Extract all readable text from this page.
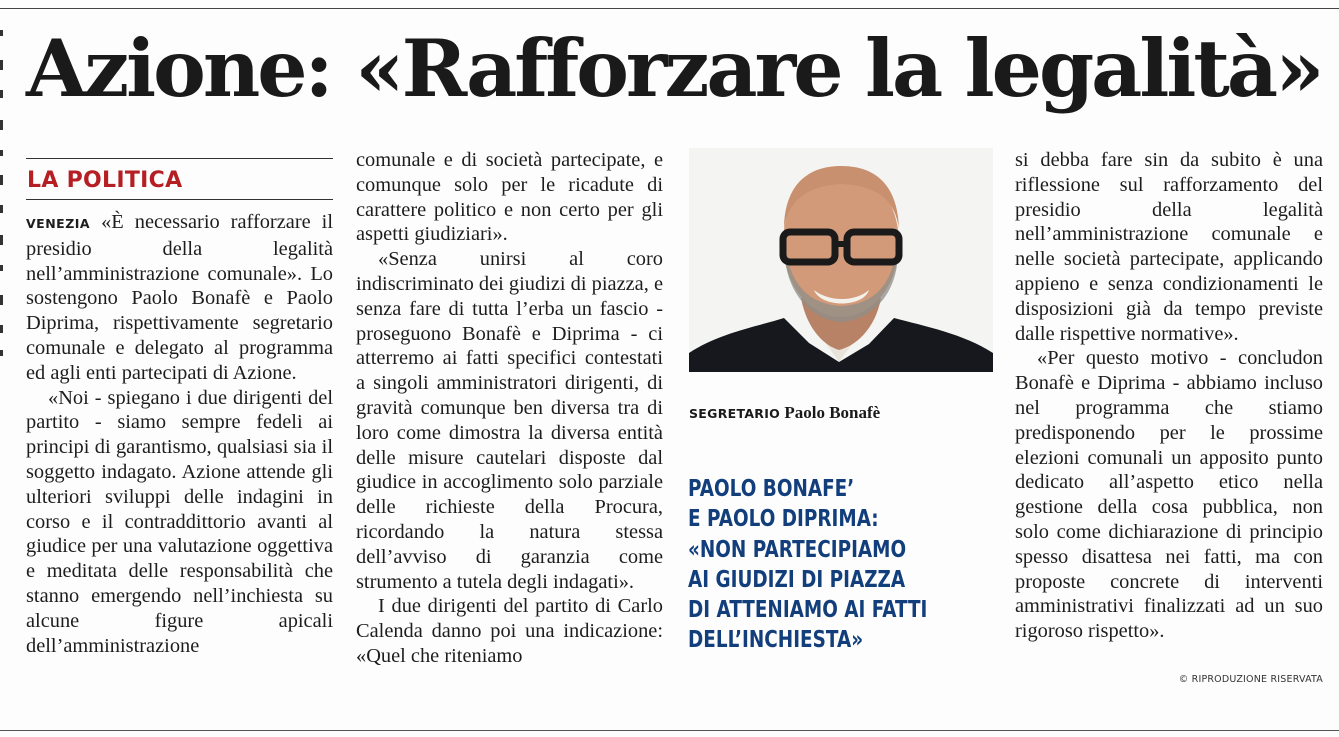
Azione: «Rafforzare la legalità»
LA POLITICA

VENEZIA «È necessario rafforzare il presidio della legalità nell’amministrazione comunale». Lo sostengono Paolo Bonafè e Paolo Diprima, rispettivamente segretario comunale e delegato al programma ed agli enti partecipati di Azione.

«Noi - spiegano i due dirigenti del partito - siamo sempre fedeli ai principi di garantismo, qualsiasi sia il soggetto indagato. Azione attende gli ulteriori sviluppi delle indagini in corso e il contraddittorio avanti al giudice per una valutazione oggettiva e meditata delle responsabilità che stanno emergendo nell’inchiesta su alcune figure apicali dell’amministrazione

comunale e di società partecipate, e comunque solo per le ricadute di carattere politico e non certo per gli aspetti giudiziari».

«Senza unirsi al coro indiscriminato dei giudizi di piazza, e senza fare di tutta l’erba un fascio - proseguono Bonafè e Diprima - ci atterremo ai fatti specifici contestati a singoli amministratori dirigenti, di gravità comunque ben diversa tra di loro come dimostra la diversa entità delle misure cautelari disposte dal giudice in accoglimento solo parziale delle richieste della Procura, ricordando la natura stessa dell’avviso di garanzia come strumento a tutela degli indagati».

I due dirigenti del partito di Carlo Calenda danno poi una indicazione: «Quel che riteniamo

SEGRETARIO Paolo Bonafè

PAOLO BONAFE’
E PAOLO DIPRIMA:
«NON PARTECIPIAMO
AI GIUDIZI DI PIAZZA
DI ATTENIAMO AI FATTI
DELL’INCHIESTA»

si debba fare sin da subito è una riflessione sul rafforzamento del presidio della legalità nell’amministrazione comunale e nelle società partecipate, applicando appieno e senza condizionamenti le disposizioni già da tempo previste dalle rispettive normative».

«Per questo motivo - concludon Bonafè e Diprima - abbiamo incluso nel programma che stiamo predisponendo per le prossime elezioni comunali un apposito punto dedicato all’aspetto etico nella gestione della cosa pubblica, non solo come dichiarazione di principio spesso disattesa nei fatti, ma con proposte concrete di interventi amministrativi finalizzati ad un suo rigoroso rispetto».

© RIPRODUZIONE RISERVATA
